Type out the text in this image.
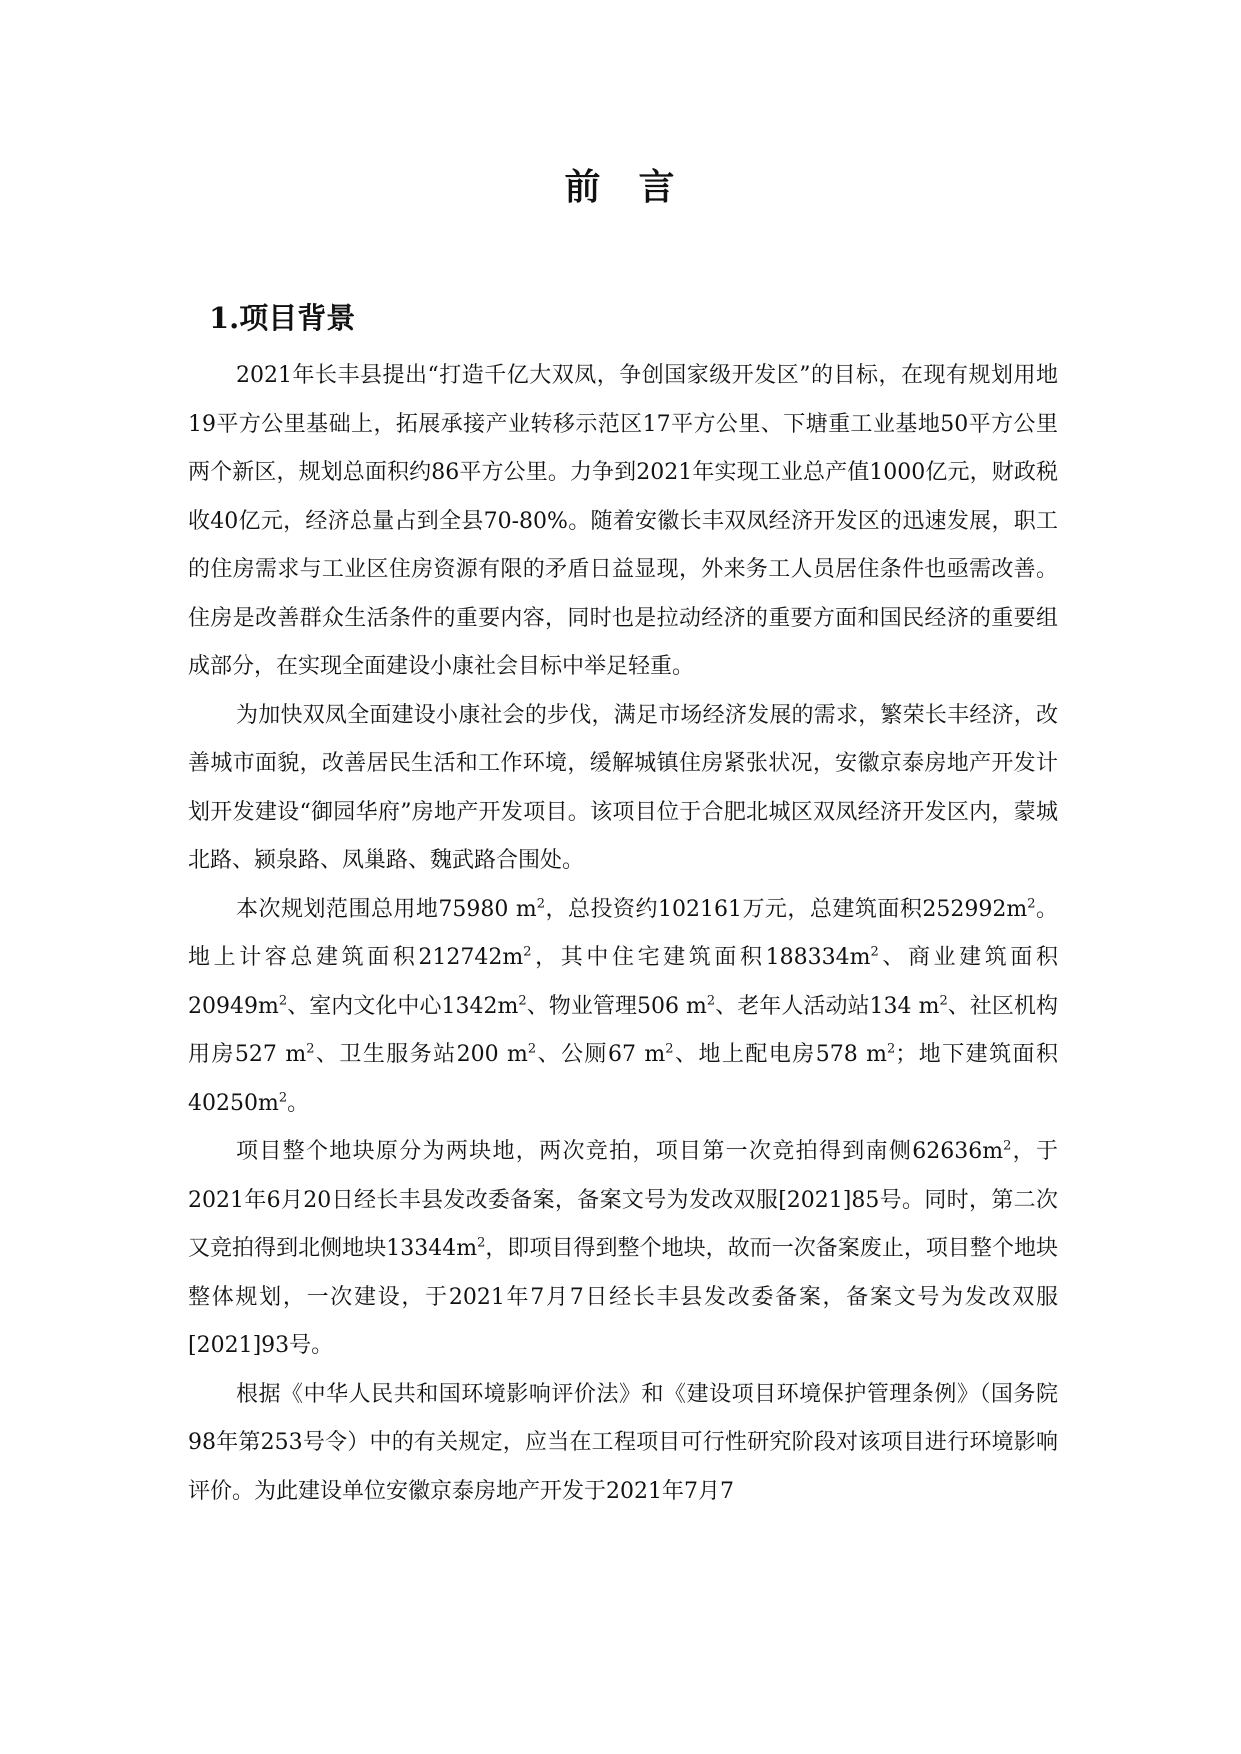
前 言
1.项目背景

2021年长丰县提出“打造千亿大双凤，争创国家级开发区”的目标，在现有规划用地19平方公里基础上，拓展承接产业转移示范区17平方公里、下塘重工业基地50平方公里两个新区，规划总面积约86平方公里。力争到2021年实现工业总产值1000亿元，财政税收40亿元，经济总量占到全县70-80%。随着安徽长丰双凤经济开发区的迅速发展，职工的住房需求与工业区住房资源有限的矛盾日益显现，外来务工人员居住条件也亟需改善。住房是改善群众生活条件的重要内容，同时也是拉动经济的重要方面和国民经济的重要组成部分，在实现全面建设小康社会目标中举足轻重。

为加快双凤全面建设小康社会的步伐，满足市场经济发展的需求，繁荣长丰经济，改善城市面貌，改善居民生活和工作环境，缓解城镇住房紧张状况，安徽京泰房地产开发计划开发建设“御园华府”房地产开发项目。该项目位于合肥北城区双凤经济开发区内，蒙城北路、颍泉路、凤巢路、魏武路合围处。

本次规划范围总用地75980 $m^2$，总投资约102161万元，总建筑面积$252992m^2$。地上计容总建筑面积$212742m^2$，其中住宅建筑面积$188334m^2$、商业建筑面积$20949m^2$、室内文化中心$1342m^2$、物业管理506 $m^2$、老年人活动站134 $m^2$、社区机构用房527 $m^2$、卫生服务站200 $m^2$、公厕67 $m^2$、地上配电房578 $m^2$；地下建筑面积$40250m^2$。

项目整个地块原分为两块地，两次竞拍，项目第一次竞拍得到南侧$62636m^2$，于2021年6月20日经长丰县发改委备案，备案文号为发改双服[2021]85号。同时，第二次又竞拍得到北侧地块$13344m^2$，即项目得到整个地块，故而一次备案废止，项目整个地块整体规划，一次建设，于2021年7月7日经长丰县发改委备案，备案文号为发改双服　[2021]93号。

根据《中华人民共和国环境影响评价法》和《建设项目环境保护管理条例》（国务院98年第253号令）中的有关规定，应当在工程项目可行性研究阶段对该项目进行环境影响评价。为此建设单位安徽京泰房地产开发于2021年7月7
